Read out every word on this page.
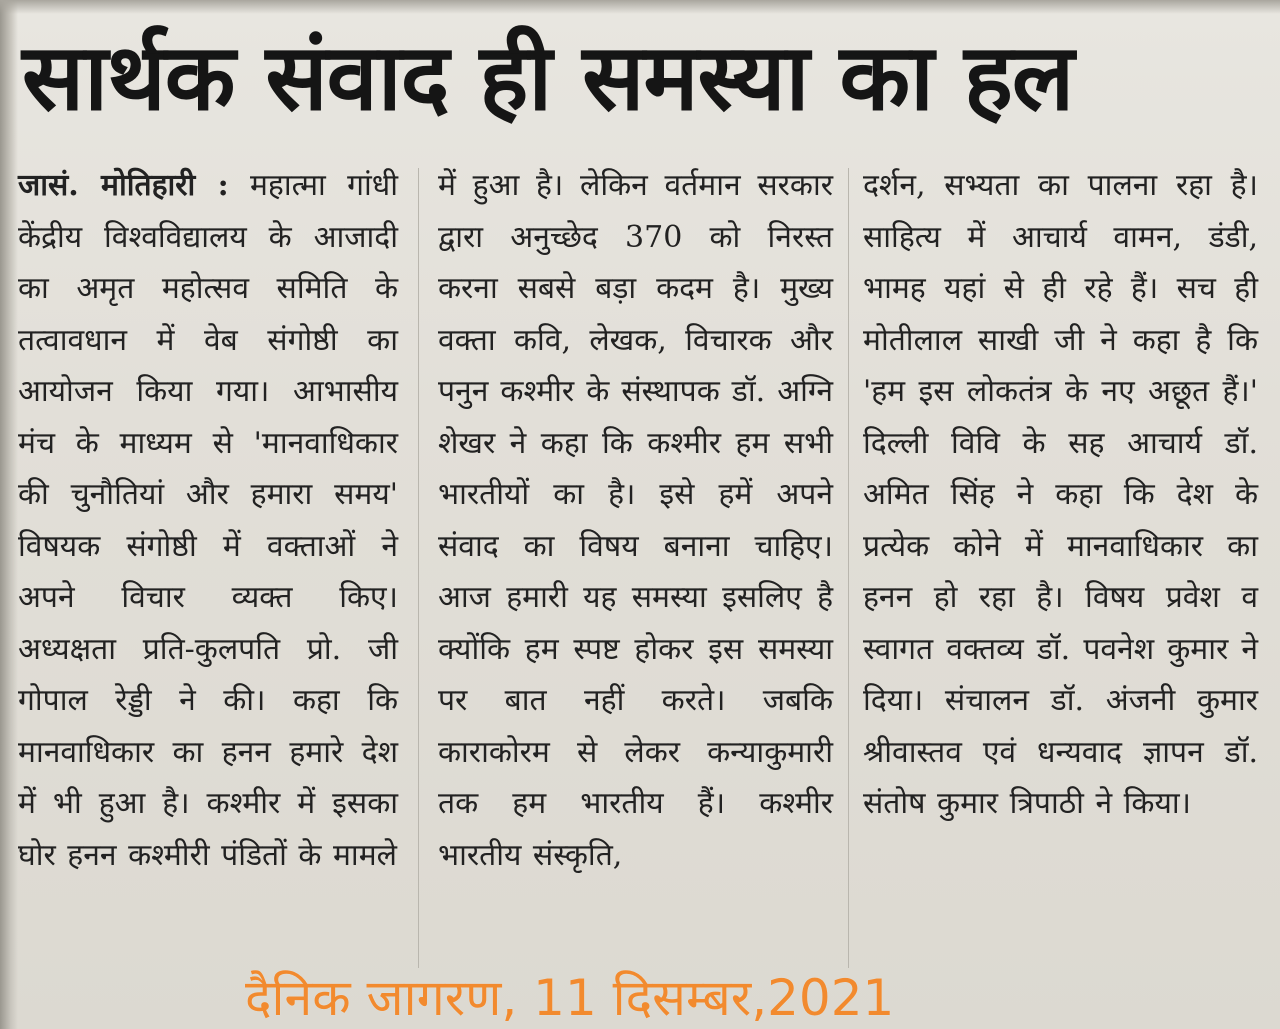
सार्थक संवाद ही समस्या का हल

जासं. मोतिहारी : महात्मा गांधी केंद्रीय विश्वविद्यालय के आजादी का अमृत महोत्सव समिति के तत्वावधान में वेब संगोष्ठी का आयोजन किया गया। आभासीय मंच के माध्यम से 'मानवाधिकार की चुनौतियां और हमारा समय' विषयक संगोष्ठी में वक्ताओं ने अपने विचार व्यक्त किए। अध्यक्षता प्रति-कुलपति प्रो. जी गोपाल रेड्डी ने की। कहा कि मानवाधिकार का हनन हमारे देश में भी हुआ है। कश्मीर में इसका घोर हनन कश्मीरी पंडितों के मामले

में हुआ है। लेकिन वर्तमान सरकार द्वारा अनुच्छेद 370 को निरस्त करना सबसे बड़ा कदम है। मुख्य वक्ता कवि, लेखक, विचारक और पनुन कश्मीर के संस्थापक डॉ. अग्नि शेखर ने कहा कि कश्मीर हम सभी भारतीयों का है। इसे हमें अपने संवाद का विषय बनाना चाहिए। आज हमारी यह समस्या इसलिए है क्योंकि हम स्पष्ट होकर इस समस्या पर बात नहीं करते। जबकि काराकोरम से लेकर कन्याकुमारी तक हम भारतीय हैं। कश्मीर भारतीय संस्कृति,

दर्शन, सभ्यता का पालना रहा है। साहित्य में आचार्य वामन, डंडी, भामह यहां से ही रहे हैं। सच ही मोतीलाल साखी जी ने कहा है कि 'हम इस लोकतंत्र के नए अछूत हैं।' दिल्ली विवि के सह आचार्य डॉ. अमित सिंह ने कहा कि देश के प्रत्येक कोने में मानवाधिकार का हनन हो रहा है। विषय प्रवेश व स्वागत वक्तव्य डॉ. पवनेश कुमार ने दिया। संचालन डॉ. अंजनी कुमार श्रीवास्तव एवं धन्यवाद ज्ञापन डॉ. संतोष कुमार त्रिपाठी ने किया।

दैनिक जागरण, 11 दिसम्बर,2021
